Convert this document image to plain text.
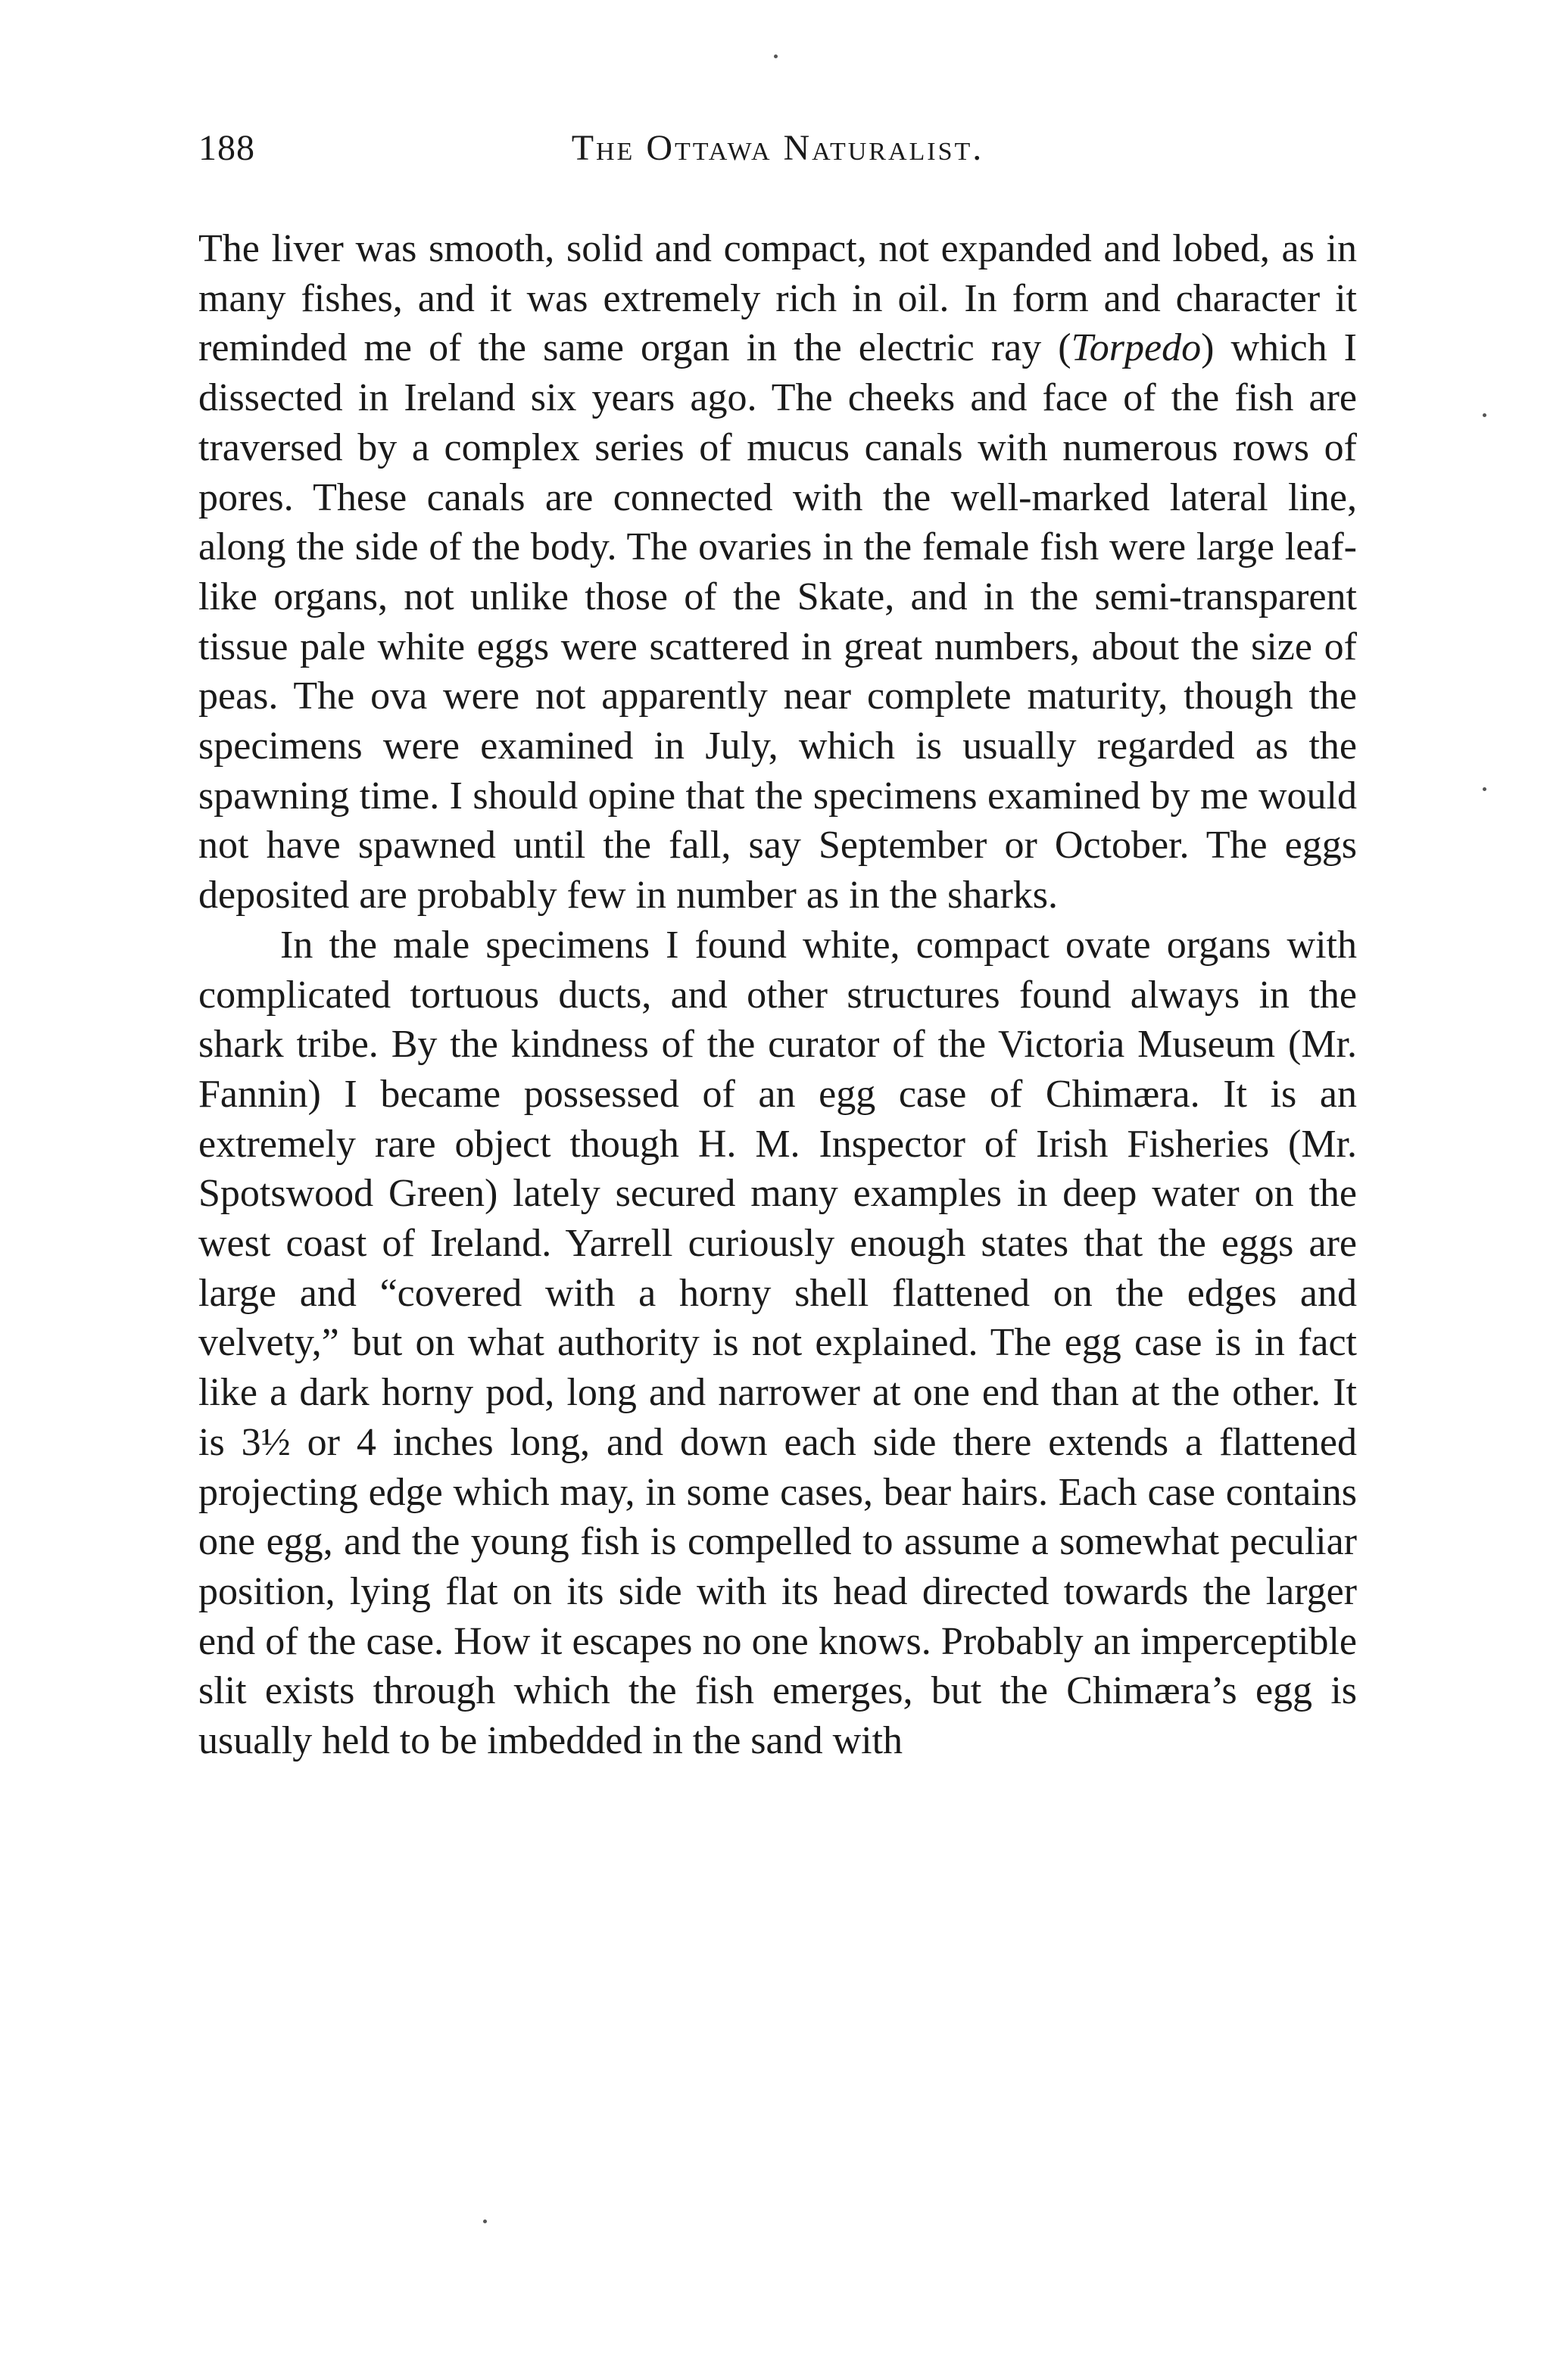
188	The Ottawa Naturalist.

The liver was smooth, solid and compact, not expanded and lobed, as in many fishes, and it was extremely rich in oil. In form and character it reminded me of the same organ in the electric ray (Torpedo) which I dissected in Ireland six years ago. The cheeks and face of the fish are traversed by a complex series of mucus canals with numerous rows of pores. These canals are connected with the well-marked lateral line, along the side of the body. The ovaries in the female fish were large leaf-like organs, not unlike those of the Skate, and in the semi-transparent tissue pale white eggs were scattered in great numbers, about the size of peas. The ova were not apparently near complete maturity, though the specimens were examined in July, which is usually regarded as the spawning time. I should opine that the specimens examined by me would not have spawned until the fall, say September or October. The eggs deposited are probably few in number as in the sharks.

In the male specimens I found white, compact ovate organs with complicated tortuous ducts, and other structures found always in the shark tribe. By the kindness of the curator of the Victoria Museum (Mr. Fannin) I became possessed of an egg case of Chimæra. It is an extremely rare object though H. M. Inspector of Irish Fisheries (Mr. Spotswood Green) lately secured many examples in deep water on the west coast of Ireland. Yarrell curiously enough states that the eggs are large and “covered with a horny shell flattened on the edges and velvety,” but on what authority is not explained. The egg case is in fact like a dark horny pod, long and narrower at one end than at the other. It is 3½ or 4 inches long, and down each side there extends a flattened projecting edge which may, in some cases, bear hairs. Each case contains one egg, and the young fish is compelled to assume a somewhat peculiar position, lying flat on its side with its head directed towards the larger end of the case. How it escapes no one knows. Probably an imperceptible slit exists through which the fish emerges, but the Chimæra’s egg is usually held to be imbedded in the sand with
